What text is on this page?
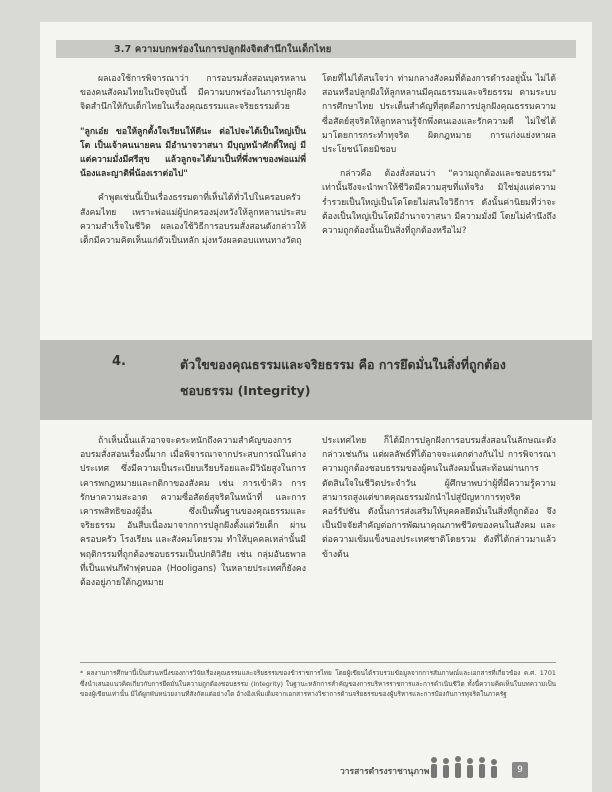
3.7 ความบกพร่องในการปลูกฝังจิตสำนึกในเด็กไทย

ผลเองใช้การพิจารณาว่า การอบรมสั่งสอนบุตรหลานของคนสังคมไทยในปัจจุบันนี้ มีความบกพร่องในการปลูกฝังจิตสำนึกให้กับเด็กไทยในเรื่องคุณธรรมและจริยธรรมด้วย

"ลูกเอ๋ย ขอให้ลูกตั้งใจเรียนให้ดีนะ ต่อไปจะได้เป็นใหญ่เป็นโต เป็นเจ้าคนนายคน มีอำนาจวาสนา มีบุญหน้าศักดิ์ใหญ่ มีแต่ความมั่งมีศรีสุข แล้วลูกจะได้มาเป็นที่พึ่งพาของพ่อแม่พี่น้องและญาติพี่น้องเราต่อไป"

คำพูดเช่นนี้เป็นเรื่องธรรมดาที่เห็นได้ทั่วไปในครอบครัวสังคมไทย เพราะพ่อแม่ผู้ปกครองมุ่งหวังให้ลูกหลานประสบความสำเร็จในชีวิต ผลเองใช้วิธีการอบรมสั่งสอนดังกล่าวให้เด็กมีความคิดเห็นแก่ตัวเป็นหลัก มุ่งหวังผลตอบแทนทางวัตถุ

โดยที่ไม่ได้สนใจว่า ท่ามกลางสังคมที่ต้องการดำรงอยู่นั้น ไม่ได้สอนหรือปลูกฝังให้ลูกหลานมีคุณธรรมและจริยธรรม ตามระบบการศึกษาไทย ประเด็นสำคัญที่สุดคือการปลูกฝังคุณธรรมความซื่อสัตย์สุจริตให้ลูกหลานรู้จักพึ่งตนเองและรักความดี ไม่ใช่ได้มาโดยการกระทำทุจริต ผิดกฎหมาย การแก่งแย่งหาผลประโยชน์โดยมิชอบ

กล่าวคือ ต้องสั่งสอนว่า "ความถูกต้องและชอบธรรม" เท่านั้นจึงจะนำพาให้ชีวิตมีความสุขที่แท้จริง มิใช่มุ่งแต่ความร่ำรวยเป็นใหญ่เป็นโตโดยไม่สนใจวิธีการ ดังนั้นค่านิยมที่ว่าจะต้องเป็นใหญ่เป็นโตมีอำนาจวาสนา มีความมั่งมี โดยไม่คำนึงถึงความถูกต้องนั้นเป็นสิ่งที่ถูกต้องหรือไม่?

4.	ตัวใขของคุณธรรมและจริยธรรม คือ การยึดมั่นในสิ่งที่ถูกต้อง
ชอบธรรม (Integrity)

ถ้าเห็นนั้นแล้วอาจจะตระหนักถึงความสำคัญของการอบรมสั่งสอนเรื่องนี้มาก เมื่อพิจารณาจากประสบการณ์ในต่างประเทศ ซึ่งมีความเป็นระเบียบเรียบร้อยและมีวินัยสูงในการเคารพกฎหมายและกติกาของสังคม เช่น การเข้าคิว การรักษาความสะอาด ความซื่อสัตย์สุจริตในหน้าที่ และการเคารพสิทธิของผู้อื่น ซึ่งเป็นพื้นฐานของคุณธรรมและจริยธรรม อันสืบเนื่องมาจากการปลูกฝังตั้งแต่วัยเด็ก ผ่านครอบครัว โรงเรียน และสังคมโดยรวม ทำให้บุคคลเหล่านั้นมีพฤติกรรมที่ถูกต้องชอบธรรมเป็นปกติวิสัย เช่น กลุ่มอันธพาลที่เป็นแฟนกีฬาฟุตบอล (Hooligans) ในหลายประเทศก็ยังคงต้องอยู่ภายใต้กฎหมาย

ประเทศไทย ก็ได้มีการปลูกฝังการอบรมสั่งสอนในลักษณะดังกล่าวเช่นกัน แต่ผลลัพธ์ที่ได้อาจจะแตกต่างกันไป การพิจารณาความถูกต้องชอบธรรมของผู้คนในสังคมนั้นสะท้อนผ่านการตัดสินใจในชีวิตประจำวัน ผู้ศึกษาพบว่าผู้ที่มีความรู้ความสามารถสูงแต่ขาดคุณธรรมมักนำไปสู่ปัญหาการทุจริตคอร์รัปชัน ดังนั้นการส่งเสริมให้บุคคลยึดมั่นในสิ่งที่ถูกต้อง จึงเป็นปัจจัยสำคัญต่อการพัฒนาคุณภาพชีวิตของคนในสังคม และต่อความเข้มแข็งของประเทศชาติโดยรวม ดังที่ได้กล่าวมาแล้วข้างต้น

* ผลงานการศึกษานี้เป็นส่วนหนึ่งของการวิจัยเรื่องคุณธรรมและจริยธรรมของข้าราชการไทย โดยผู้เขียนได้รวบรวมข้อมูลจากการสัมภาษณ์และเอกสารที่เกี่ยวข้อง ค.ศ. 1701 ซึ่งนำเสนอแนวคิดเกี่ยวกับการยึดมั่นในความถูกต้องชอบธรรม (Integrity) ในฐานะหลักการสำคัญของการบริหารราชการและการดำเนินชีวิต ทั้งนี้ความคิดเห็นในบทความเป็นของผู้เขียนเท่านั้น มิได้ผูกพันหน่วยงานที่สังกัดแต่อย่างใด อ้างอิงเพิ่มเติมจากเอกสารทางวิชาการด้านจริยธรรมของผู้บริหารและการป้องกันการทุจริตในภาครัฐ
วารสารดำรงราชานุภาพ	9
